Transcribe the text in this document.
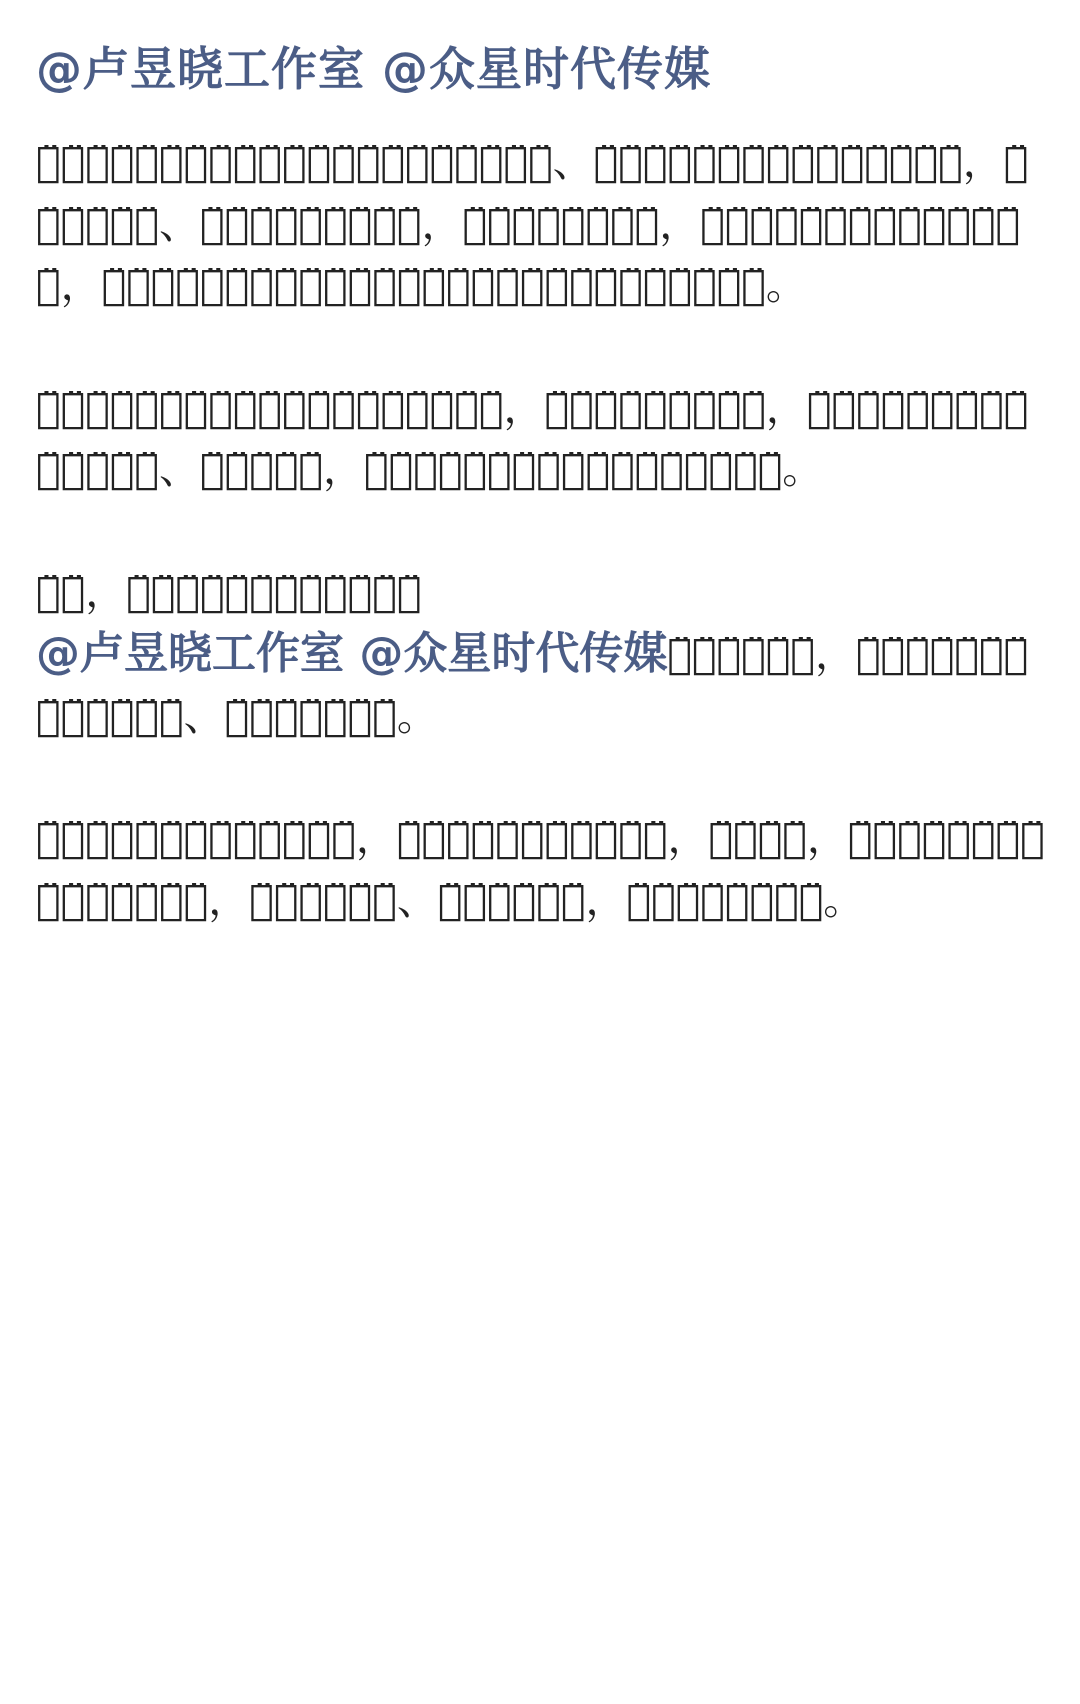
@卢昱晓工作室
@众星时代传媒

卢̈昱̈晓̈反̈黑̈站̈始̈终̈坚̈守̈维̈护̈演̈员̈卢̈昱̈晓̈合̈法̈权̈益̈、守̈护̈艺̈人̈演̈艺̈事̈业̈良̈性̈发̈展̈的̈初̈心̈，全̈力̈舆̈情̈维̈护̈、权̈益̈保̈障̈等̈各̈项̈工̈作̈，凝̈聚̈全̈体̈粉̈丝̈力̈量̈，只̈为̈给̈艺̈人̈营̈造̈良̈好̈的̈发̈展̈环̈境̈，助̈力̈卢̈昱̈晓̈在̈演̈艺̈事̈业̈中̈拥̈有̈更̈充̈足̈的̈底̈气̈与̈更̈自̈主̈的̈选̈择̈权̈。

针̈对̈近̈期̈网̈传̈相̈关̈项̈目̈消̈息̈引̈发̈的̈舆̈情̈争̈议̈，我̈方̈已̈代̈表̈广̈大̈粉̈丝̈，多̈次̈就̈核̈心̈诉̈求̈与̈贵̈方̈进̈行̈正̈式̈、严̈肃̈的̈沟̈通̈，却̈始̈终̈未̈得̈到̈任̈何̈有̈效̈回̈应̈与̈正̈面̈答̈复̈。

在̈此̈，卢̈昱̈晓̈反̈黑̈站̈正̈式̈严̈正̈恳̈请̈@卢昱晓工作室 @众星时代传媒正̈视̈粉̈丝̈诉̈求̈，第̈一̈时̈间̈就̈相̈关̈事̈宜̈给̈出̈明̈确̈、具̈体̈的̈官̈方̈回̈应̈。

为̈切̈实̈维̈护̈粉̈丝̈群̈体̈合̈法̈权̈益̈，捍̈卫̈艺̈人̈应̈有̈的̈事̈业̈保̈障̈，自̈即̈日̈起̈，卢̈昱̈晓̈反̈黑̈站̈将̈暂̈停̈所̈有̈反̈黑̈活̈动̈，直̈到̈给̈出̈明̈确̈、满̈意̈的̈答̈复̈后̈，再̈行̈恢̈复̈相̈关̈工̈作̈。
